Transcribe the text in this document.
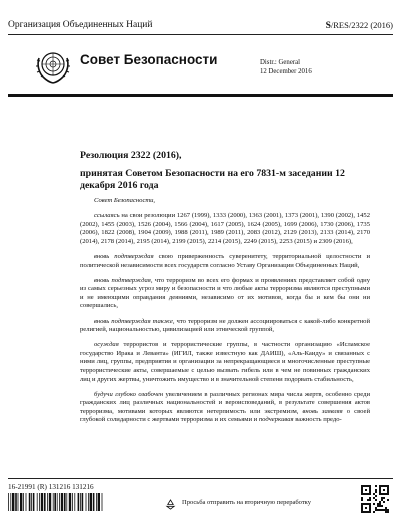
Организация Объединенных Наций	S/RES/2322 (2016)
Совет Безопасности	Distr.: General
12 December 2016
Резолюция 2322 (2016),
принятая Советом Безопасности на его 7831-м заседании 12 декабря 2016 года

Совет Безопасности,

ссылаясь на свои резолюции 1267 (1999), 1333 (2000), 1363 (2001), 1373 (2001), 1390 (2002), 1452 (2002), 1455 (2003), 1526 (2004), 1566 (2004), 1617 (2005), 1624 (2005), 1699 (2006), 1730 (2006), 1735 (2006), 1822 (2008), 1904 (2009), 1988 (2011), 1989 (2011), 2083 (2012), 2129 (2013), 2133 (2014), 2170 (2014), 2178 (2014), 2195 (2014), 2199 (2015), 2214 (2015), 2249 (2015), 2253 (2015) и 2309 (2016),

вновь подтверждая свою приверженность суверенитету, территориальной целостности и политической независимости всех государств согласно Уставу Организации Объединенных Наций,

вновь подтверждая, что терроризм во всех его формах и проявлениях представляет собой одну из самых серьезных угроз миру и безопасности и что любые акты терроризма являются преступными и не имеющими оправдания деяниями, независимо от их мотивов, когда бы и кем бы они ни совершались,

вновь подтверждая также, что терроризм не должен ассоциироваться с какой-либо конкретной религией, национальностью, цивилизацией или этнической группой,

осуждая террористов и террористические группы, в частности организацию «Исламское государство Ирака и Леванта» (ИГИЛ, также известную как ДАИШ), «Аль-Каиду» и связанных с ними лиц, группы, предприятия и организации за непрекращающиеся и многочисленные преступные террористические акты, совершаемые с целью вызвать гибель или в чем не повинных гражданских лиц и других жертвы, уничтожить имущество и в значительной степени подорвать стабильность,

будучи глубоко озабочен увеличением в различных регионах мира числа жертв, особенно среди гражданских лиц различных национальностей и вероисповеданий, в результате совершения актов терроризма, мотивами которых являются нетерпимость или экстремизм, вновь заявляя о своей глубокой солидарности с жертвами терроризма и их семьями и подчеркивая важность предо-

16-21991 (R) 131216 131216
Просьба отправить на вторичную переработку
